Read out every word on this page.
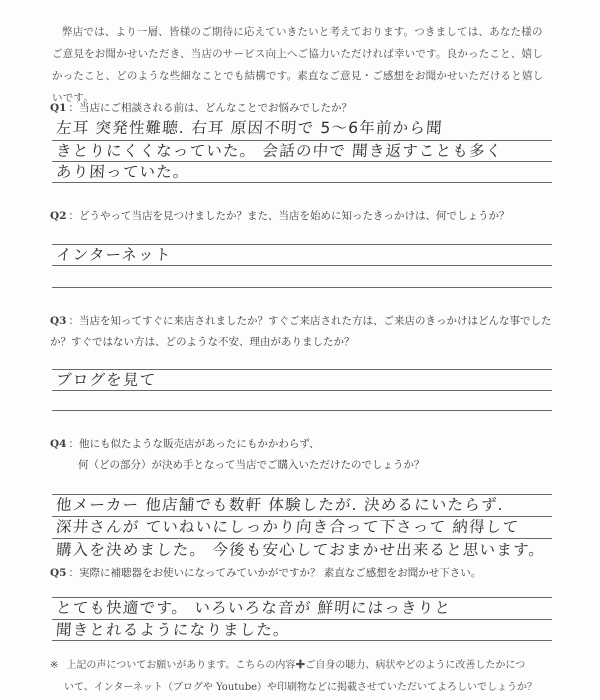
弊店では、より一層、皆様のご期待に応えていきたいと考えております。つきましては、あなた様のご意見をお聞かせいただき、当店のサービス向上へご協力いただければ幸いです。良かったこと、嬉しかったこと、どのような些細なことでも結構です。素直なご意見・ご感想をお聞かせいただけると嬉しいです。

Q1 ：当店にご相談される前は、どんなことでお悩みでしたか？
左耳 突発性難聴. 右耳 原因不明で 5〜6年前から聞
きとりにくくなっていた。 会話の中で 聞き返すことも多く
あり困っていた。
Q2 ：どうやって当店を見つけましたか？また、当店を始めに知ったきっかけは、何でしょうか？
インターネット
Q3 ：当店を知ってすぐに来店されましたか？すぐご来店された方は、ご来店のきっかけはどんな事でしたか？すぐではない方は、どのような不安、理由がありましたか？
ブログを見て
Q4 ：他にも似たような販売店があったにもかかわらず、
何（どの部分）が決め手となって当店でご購入いただけたのでしょうか？
他メーカー 他店舗でも数軒 体験したが. 決めるにいたらず.
深井さんが ていねいにしっかり向き合って下さって 納得して
購入を決めました。 今後も安心しておまかせ出来ると思います。
Q5 ：実際に補聴器をお使いになってみていかがですか？ 素直なご感想をお聞かせ下さい。
とても快適です。 いろいろな音が 鮮明にはっきりと
聞きとれるようになりました。
※ 上記の声についてお願いがあります。こちらの内容✚ご自身の聴力、病状やどのように改善したかにつ
いて、インターネット（ブログや Youtube）や印刷物などに掲載させていただいてよろしいでしょうか？
